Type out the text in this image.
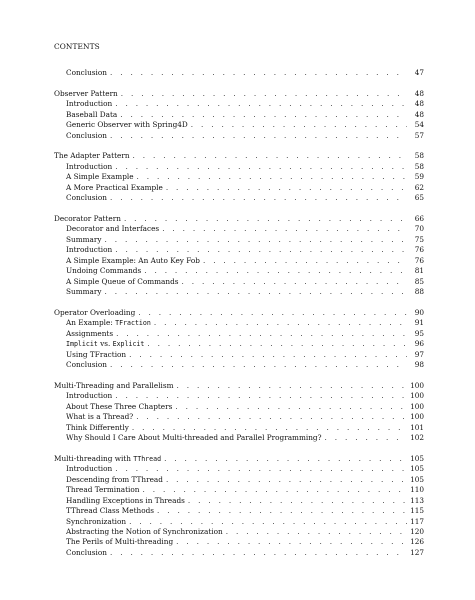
CONTENTS
Conclusion . . .	47
Observer Pattern . . .	48
Introduction . . .	48
Baseball Data . . .	48
Generic Observer with Spring4D . . .	54
Conclusion . . .	57
The Adapter Pattern . . .	58
Introduction . . .	58
A Simple Example . . .	59
A More Practical Example . . .	62
Conclusion . . .	65
Decorator Pattern . . .	66
Decorator and Interfaces . . .	70
Summary . . .	75
Introduction . . .	76
A Simple Example: An Auto Key Fob . . .	76
Undoing Commands . . .	81
A Simple Queue of Commands . . .	85
Summary . . .	88
Operator Overloading . . .	90
An Example: TFraction . . .	91
Assignments . . .	95
Implicit vs. Explicit . . .	96
Using TFraction . . .	97
Conclusion . . .	98
Multi-Threading and Parallelism . . .	100
Introduction . . .	100
About These Three Chapters . . .	100
What is a Thread? . . .	100
Think Differently . . .	101
Why Should I Care About Multi-threaded and Parallel Programming? . . .	102
Multi-threading with TThread . . .	105
Introduction . . .	105
Descending from TThread . . .	105
Thread Termination . . .	110
Handling Exceptions in Threads . . .	113
TThread Class Methods . . .	115
Synchronization . . .	117
Abstracting the Notion of Synchronization . . .	120
The Perils of Multi-threading . . .	126
Conclusion . . .	127
